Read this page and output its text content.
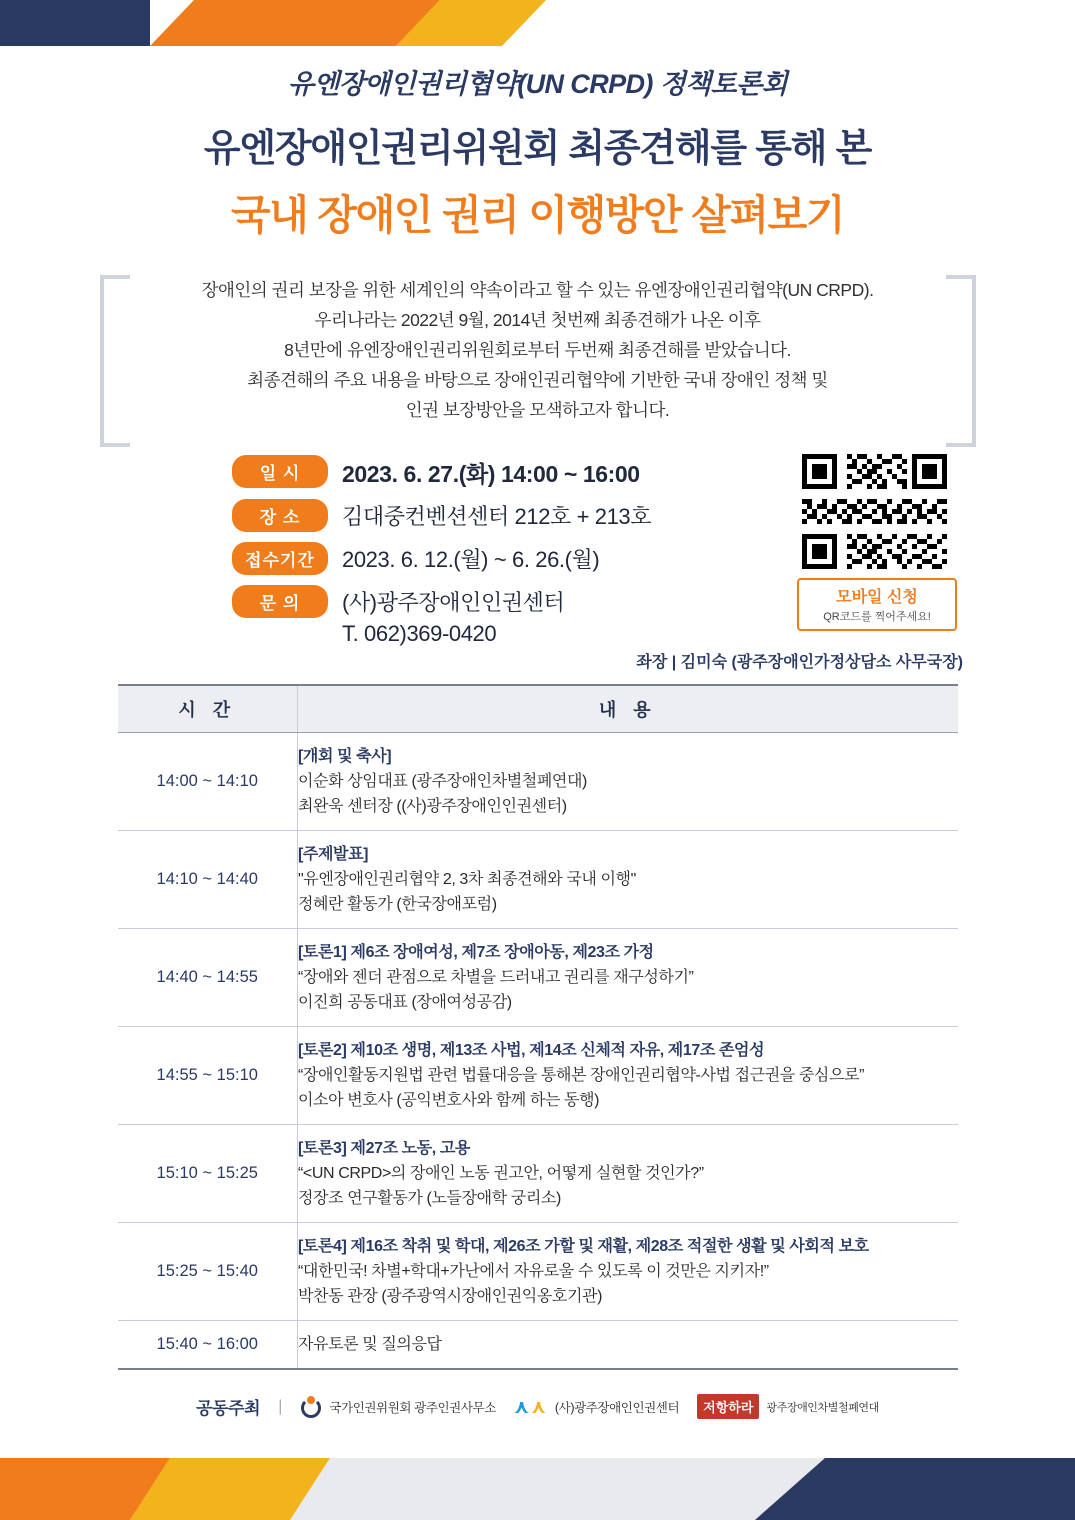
유엔장애인권리협약(UN CRPD) 정책토론회
유엔장애인권리위원회 최종견해를 통해 본
국내 장애인 권리 이행방안 살펴보기
장애인의 권리 보장을 위한 세계인의 약속이라고 할 수 있는 유엔장애인권리협약(UN CRPD).
우리나라는 2022년 9월, 2014년 첫번째 최종견해가 나온 이후
8년만에 유엔장애인권리위원회로부터 두번째 최종견해를 받았습니다.
최종견해의 주요 내용을 바탕으로 장애인권리협약에 기반한 국내 장애인 정책 및
인권 보장방안을 모색하고자 합니다.
일 시	2023. 6. 27.(화) 14:00 ~ 16:00
장 소	김대중컨벤션센터 212호 + 213호
접수기간	2023. 6. 12.(월) ~ 6. 26.(월)
문 의	(사)광주장애인인권센터
T. 062)369-0420
모바일 신청
QR코드를 찍어주세요!
좌장 | 김미숙 (광주장애인가정상담소 사무국장)
시 간	내 용
14:00 ~ 14:10	[개회 및 축사]
이순화 상임대표 (광주장애인차별철폐연대)
최완욱 센터장 ((사)광주장애인인권센터)

14:10 ~ 14:40	[주제발표]
"유엔장애인권리협약 2, 3차 최종견해와 국내 이행"
정혜란 활동가 (한국장애포럼)

14:40 ~ 14:55	[토론1] 제6조 장애여성, 제7조 장애아동, 제23조 가정
“장애와 젠더 관점으로 차별을 드러내고 권리를 재구성하기”
이진희 공동대표 (장애여성공감)

14:55 ~ 15:10	[토론2] 제10조 생명, 제13조 사법, 제14조 신체적 자유, 제17조 존엄성
“장애인활동지원법 관련 법률대응을 통해본 장애인권리협약-사법 접근권을 중심으로”
이소아 변호사 (공익변호사와 함께 하는 동행)

15:10 ~ 15:25	[토론3] 제27조 노동, 고용
“<UN CRPD>의 장애인 노동 권고안, 어떻게 실현할 것인가?”
정장조 연구활동가 (노들장애학 궁리소)

15:25 ~ 15:40	[토론4] 제16조 착취 및 학대, 제26조 가할 및 재활, 제28조 적절한 생활 및 사회적 보호
“대한민국! 차별+학대+가난에서 자유로울 수 있도록 이 것만은 지키자!”
박찬동 관장 (광주광역시장애인권익옹호기관)

15:40 ~ 16:00	자유토론 및 질의응답
공동주최 |	국가인권위원회 광주인권사무소 ⋏ ⋏ (사)광주장애인인권센터	저항하라	광주장애인차별철폐연대
